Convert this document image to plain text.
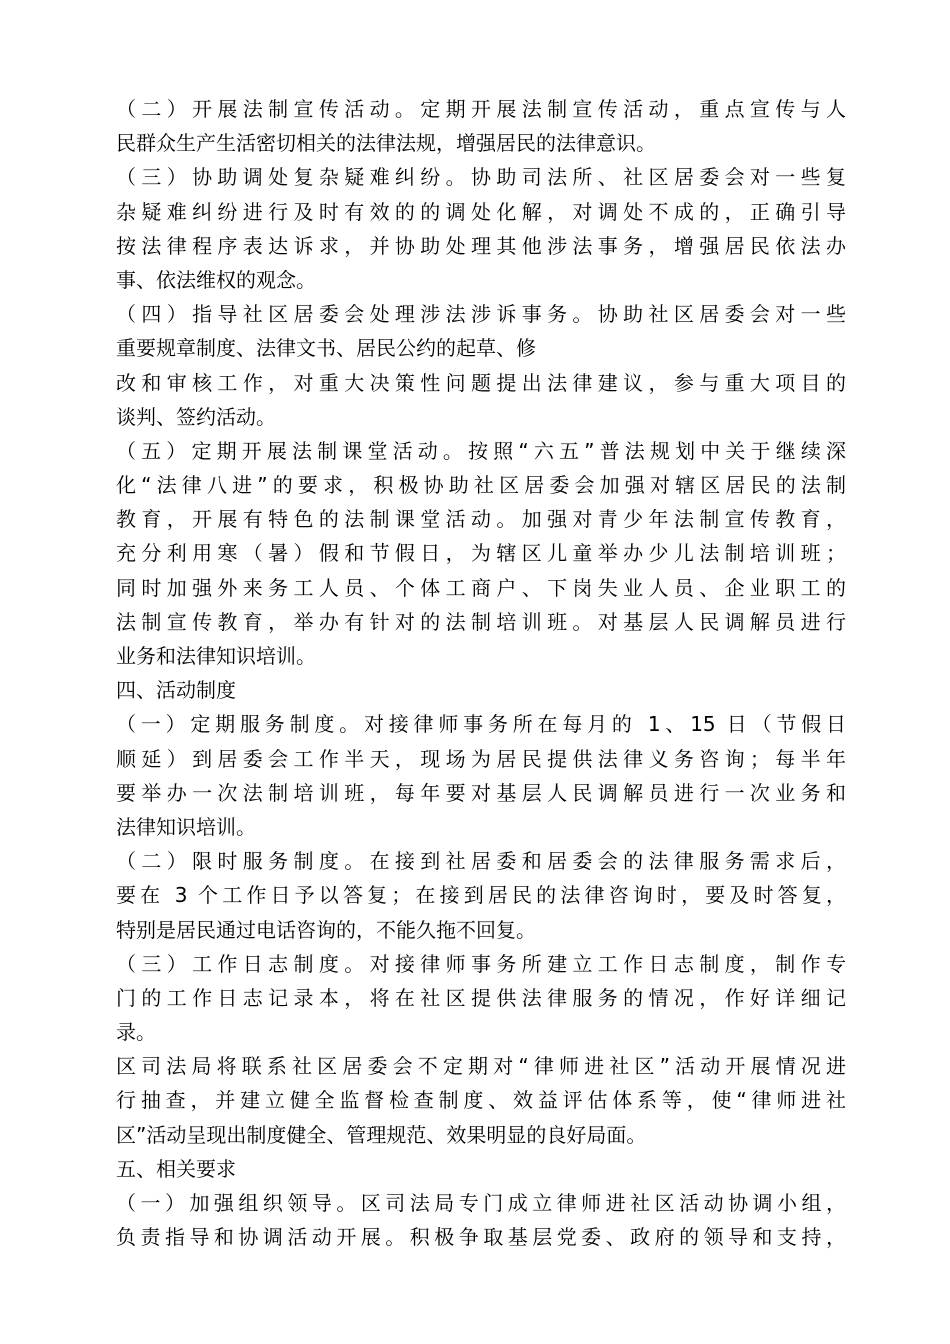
（二）开展法制宣传活动。定期开展法制宣传活动，重点宣传与人
民群众生产生活密切相关的法律法规，增强居民的法律意识。
（三）协助调处复杂疑难纠纷。协助司法所、社区居委会对一些复
杂疑难纠纷进行及时有效的的调处化解，对调处不成的，正确引导
按法律程序表达诉求，并协助处理其他涉法事务，增强居民依法办
事、依法维权的观念。
（四）指导社区居委会处理涉法涉诉事务。协助社区居委会对一些
重要规章制度、法律文书、居民公约的起草、修
改和审核工作，对重大决策性问题提出法律建议，参与重大项目的
谈判、签约活动。
（五）定期开展法制课堂活动。按照“六五”普法规划中关于继续深
化“法律八进”的要求，积极协助社区居委会加强对辖区居民的法制
教育，开展有特色的法制课堂活动。加强对青少年法制宣传教育，
充分利用寒（暑）假和节假日，为辖区儿童举办少儿法制培训班；
同时加强外来务工人员、个体工商户、下岗失业人员、企业职工的
法制宣传教育，举办有针对的法制培训班。对基层人民调解员进行
业务和法律知识培训。
四、活动制度
（一）定期服务制度。对接律师事务所在每月的 1、15 日（节假日
顺延）到居委会工作半天，现场为居民提供法律义务咨询；每半年
要举办一次法制培训班，每年要对基层人民调解员进行一次业务和
法律知识培训。
（二）限时服务制度。在接到社居委和居委会的法律服务需求后，
要在 3 个工作日予以答复；在接到居民的法律咨询时，要及时答复，
特别是居民通过电话咨询的，不能久拖不回复。
（三）工作日志制度。对接律师事务所建立工作日志制度，制作专
门的工作日志记录本，将在社区提供法律服务的情况，作好详细记
录。
区司法局将联系社区居委会不定期对“律师进社区”活动开展情况进
行抽查，并建立健全监督检查制度、效益评估体系等，使“律师进社
区”活动呈现出制度健全、管理规范、效果明显的良好局面。
五、相关要求
（一）加强组织领导。区司法局专门成立律师进社区活动协调小组，
负责指导和协调活动开展。积极争取基层党委、政府的领导和支持，
